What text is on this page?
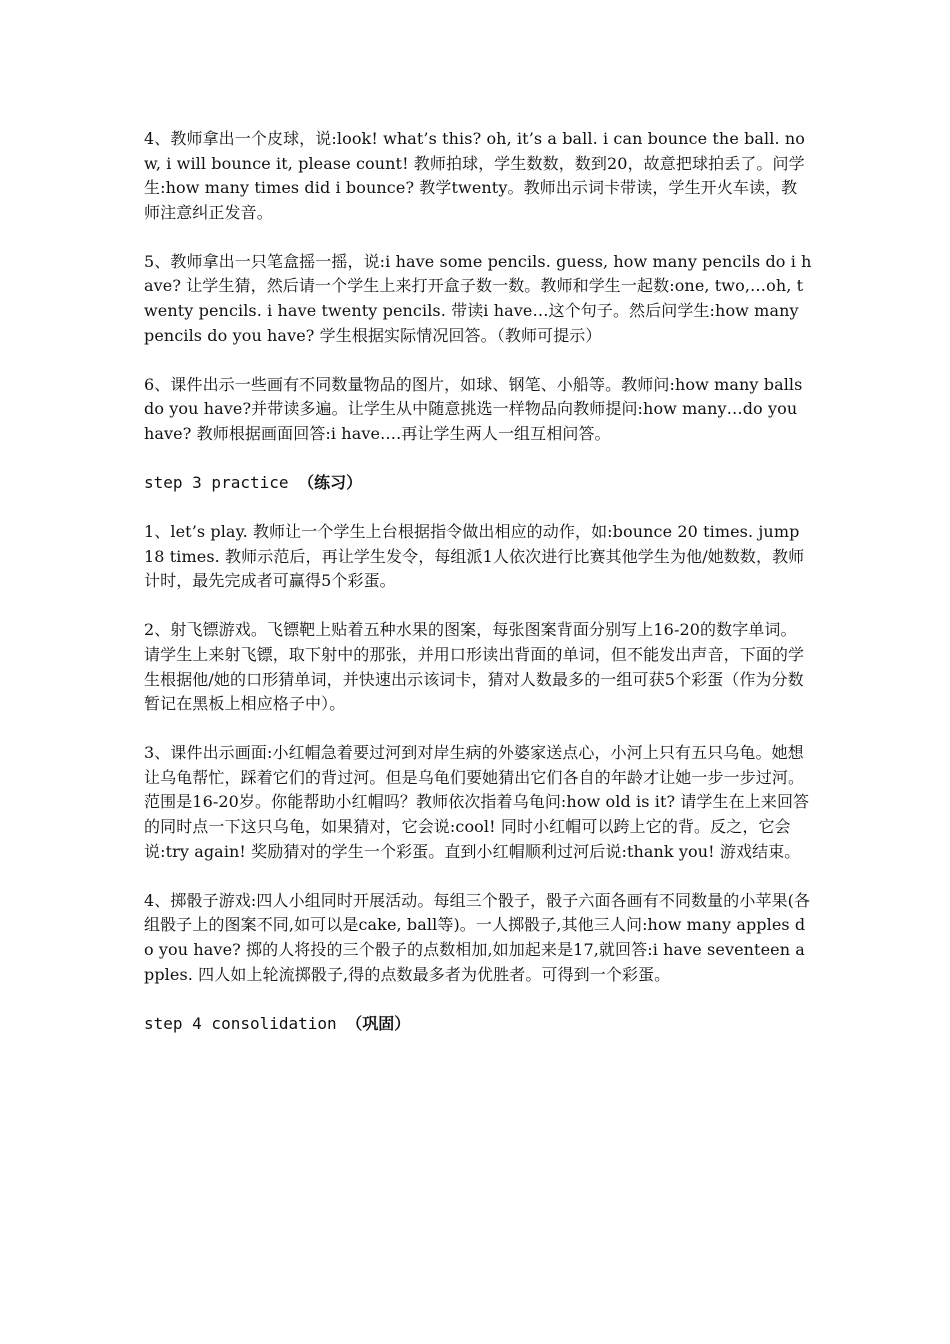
4、教师拿出一个皮球，说:look! what’s this? oh, it’s a ball. i can bounce the ball. now, i will bounce it, please count! 教师拍球，学生数数，数到20，故意把球拍丢了。问学生:how many times did i bounce? 教学twenty。教师出示词卡带读，学生开火车读，教师注意纠正发音。

5、教师拿出一只笔盒摇一摇，说:i have some pencils. guess, how many pencils do i have? 让学生猜，然后请一个学生上来打开盒子数一数。教师和学生一起数:one, two,…oh, twenty pencils. i have twenty pencils. 带读i have…这个句子。然后问学生:how many pencils do you have? 学生根据实际情况回答。（教师可提示）

6、课件出示一些画有不同数量物品的图片，如球、钢笔、小船等。教师问:how many balls do you have?并带读多遍。让学生从中随意挑选一样物品向教师提问:how many…do you have? 教师根据画面回答:i have….再让学生两人一组互相问答。

step 3 practice （练习）

1、let’s play. 教师让一个学生上台根据指令做出相应的动作，如:bounce 20 times. jump 18 times. 教师示范后，再让学生发令，每组派1人依次进行比赛其他学生为他/她数数，教师计时，最先完成者可赢得5个彩蛋。

2、射飞镖游戏。飞镖靶上贴着五种水果的图案，每张图案背面分别写上16-20的数字单词。请学生上来射飞镖，取下射中的那张，并用口形读出背面的单词，但不能发出声音，下面的学生根据他/她的口形猜单词，并快速出示该词卡，猜对人数最多的一组可获5个彩蛋（作为分数暂记在黑板上相应格子中）。

3、课件出示画面:小红帽急着要过河到对岸生病的外婆家送点心，小河上只有五只乌龟。她想让乌龟帮忙，踩着它们的背过河。但是乌龟们要她猜出它们各自的年龄才让她一步一步过河。范围是16-20岁。你能帮助小红帽吗？教师依次指着乌龟问:how old is it? 请学生在上来回答的同时点一下这只乌龟，如果猜对，它会说:cool! 同时小红帽可以跨上它的背。反之，它会说:try again! 奖励猜对的学生一个彩蛋。直到小红帽顺利过河后说:thank you! 游戏结束。

4、掷骰子游戏:四人小组同时开展活动。每组三个骰子，骰子六面各画有不同数量的小苹果(各组骰子上的图案不同,如可以是cake, ball等)。一人掷骰子,其他三人问:how many apples do you have? 掷的人将投的三个骰子的点数相加,如加起来是17,就回答:i have seventeen apples. 四人如上轮流掷骰子,得的点数最多者为优胜者。可得到一个彩蛋。

step 4 consolidation （巩固）
